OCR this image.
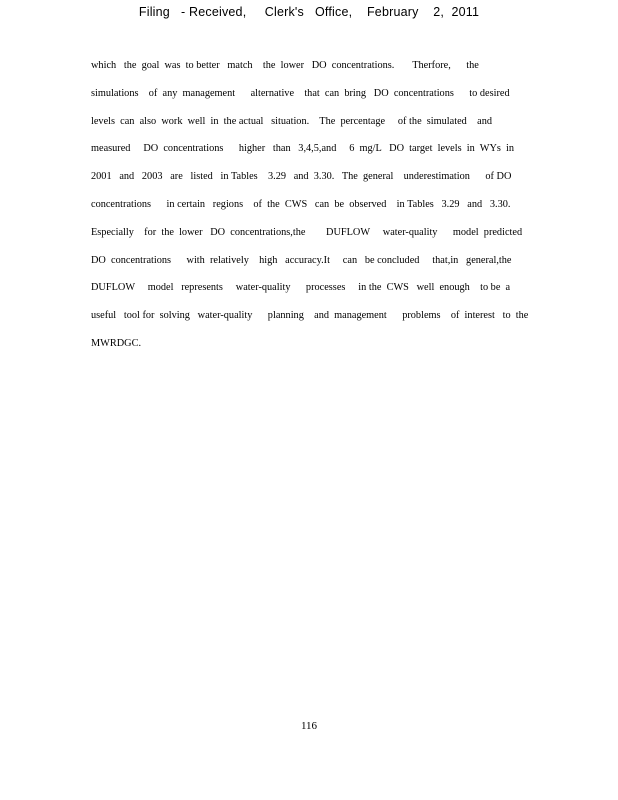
Filing   - Received,     Clerk's   Office,    February    2,  2011
which   the  goal  was  to better   match    the  lower   DO  concentrations.       Therfore,      the
simulations    of  any  management      alternative    that  can  bring   DO  concentrations      to desired
levels  can  also  work  well  in  the actual   situation.    The  percentage     of the  simulated    and
measured     DO  concentrations      higher   than   3,4,5,and     6  mg/L   DO  target  levels  in  WYs  in
2001   and   2003   are   listed   in Tables    3.29   and  3.30.   The  general    underestimation      of DO
concentrations      in certain   regions    of  the  CWS   can  be  observed    in Tables   3.29   and   3.30.
Especially    for  the  lower   DO  concentrations,the        DUFLOW     water-quality      model  predicted
DO  concentrations      with  relatively    high   accuracy.It     can   be concluded     that,in   general,the
DUFLOW     model   represents     water-quality      processes     in the  CWS   well  enough    to be  a
useful   tool for  solving   water-quality      planning    and  management      problems    of  interest   to  the
MWRDGC.
116
